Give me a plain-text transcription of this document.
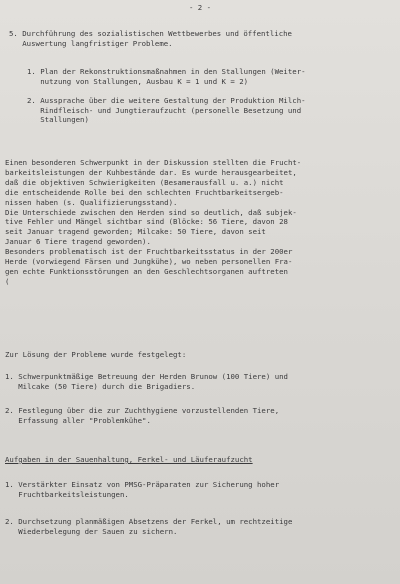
- 2 -
5. Durchführung des sozialistischen Wettbewerbes und öffentliche
Auswertung langfristiger Probleme.
1. Plan der Rekonstruktionsmaßnahmen in den Stallungen (Weiter-
nutzung von Stallungen, Ausbau K = 1 und K = 2)
2. Aussprache über die weitere Gestaltung der Produktion Milch-
Rindfleisch- und Jungtieraufzucht (personelle Besetzung und
Stallungen)
Einen besonderen Schwerpunkt in der Diskussion stellten die Frucht-
barkeitsleistungen der Kuhbestände dar. Es wurde herausgearbeitet,
daß die objektiven Schwierigkeiten (Besamerausfall u. a.) nicht
die entscheidende Rolle bei den schlechten Fruchtbarkeitsergeb-
nissen haben (s. Qualifizierungsstand).
Die Unterschiede zwischen den Herden sind so deutlich, daß subjek-
tive Fehler und Mängel sichtbar sind (Blöcke: 56 Tiere, davon 28
seit Januar tragend geworden; Milcake: 50 Tiere, davon seit
Januar 6 Tiere tragend geworden).
Besonders problematisch ist der Fruchtbarkeitsstatus in der 200er
Herde (vorwiegend Färsen und Jungkühe), wo neben personellen Fra-
gen echte Funktionsstörungen an den Geschlechtsorganen auftreten
(
Zur Lösung der Probleme wurde festgelegt:
1. Schwerpunktmäßige Betreuung der Herden Brunow (100 Tiere) und
Milcake (50 Tiere) durch die Brigadiers.
2. Festlegung über die zur Zuchthygiene vorzustellenden Tiere,
Erfassung aller "Problemkühe".
Aufgaben in der Sauenhaltung, Ferkel- und Läuferaufzucht
1. Verstärkter Einsatz von PMSG-Präparaten zur Sicherung hoher
Fruchtbarkeitsleistungen.
2. Durchsetzung planmäßigen Absetzens der Ferkel, um rechtzeitige
Wiederbelegung der Sauen zu sichern.
